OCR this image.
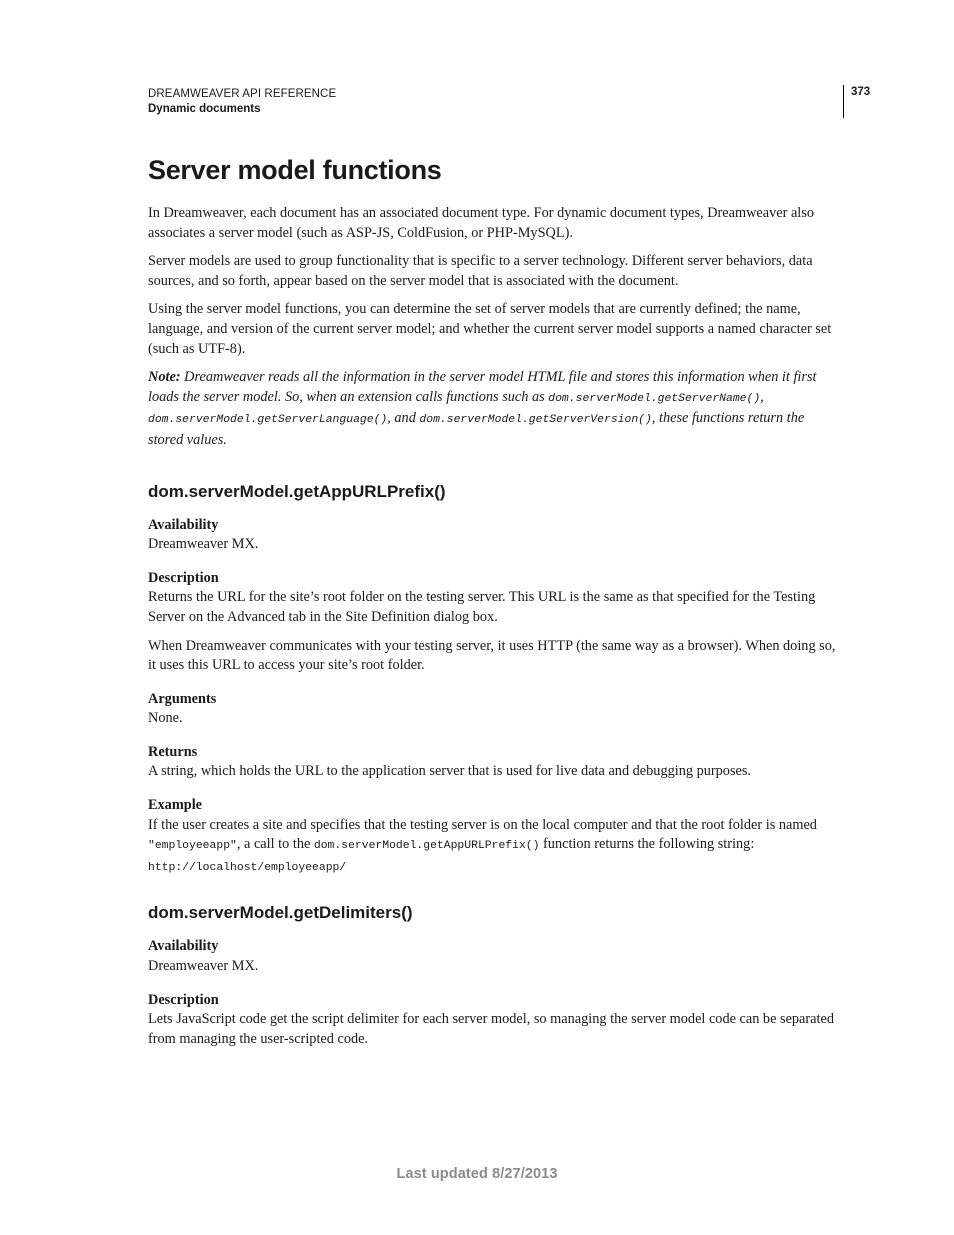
DREAMWEAVER API REFERENCE
Dynamic documents
373
Server model functions

In Dreamweaver, each document has an associated document type. For dynamic document types, Dreamweaver also associates a server model (such as ASP-JS, ColdFusion, or PHP-MySQL).

Server models are used to group functionality that is specific to a server technology. Different server behaviors, data sources, and so forth, appear based on the server model that is associated with the document.

Using the server model functions, you can determine the set of server models that are currently defined; the name, language, and version of the current server model; and whether the current server model supports a named character set (such as UTF-8).

Note: Dreamweaver reads all the information in the server model HTML file and stores this information when it first loads the server model. So, when an extension calls functions such as dom.serverModel.getServerName(), dom.serverModel.getServerLanguage(), and dom.serverModel.getServerVersion(), these functions return the stored values.

dom.serverModel.getAppURLPrefix()

Availability

Dreamweaver MX.

Description

Returns the URL for the site’s root folder on the testing server. This URL is the same as that specified for the Testing Server on the Advanced tab in the Site Definition dialog box.

When Dreamweaver communicates with your testing server, it uses HTTP (the same way as a browser). When doing so, it uses this URL to access your site’s root folder.

Arguments

None.

Returns

A string, which holds the URL to the application server that is used for live data and debugging purposes.

Example

If the user creates a site and specifies that the testing server is on the local computer and that the root folder is named "employeeapp", a call to the dom.serverModel.getAppURLPrefix() function returns the following string:

http://localhost/employeeapp/

dom.serverModel.getDelimiters()

Availability

Dreamweaver MX.

Description

Lets JavaScript code get the script delimiter for each server model, so managing the server model code can be separated from managing the user-scripted code.

Last updated 8/27/2013
